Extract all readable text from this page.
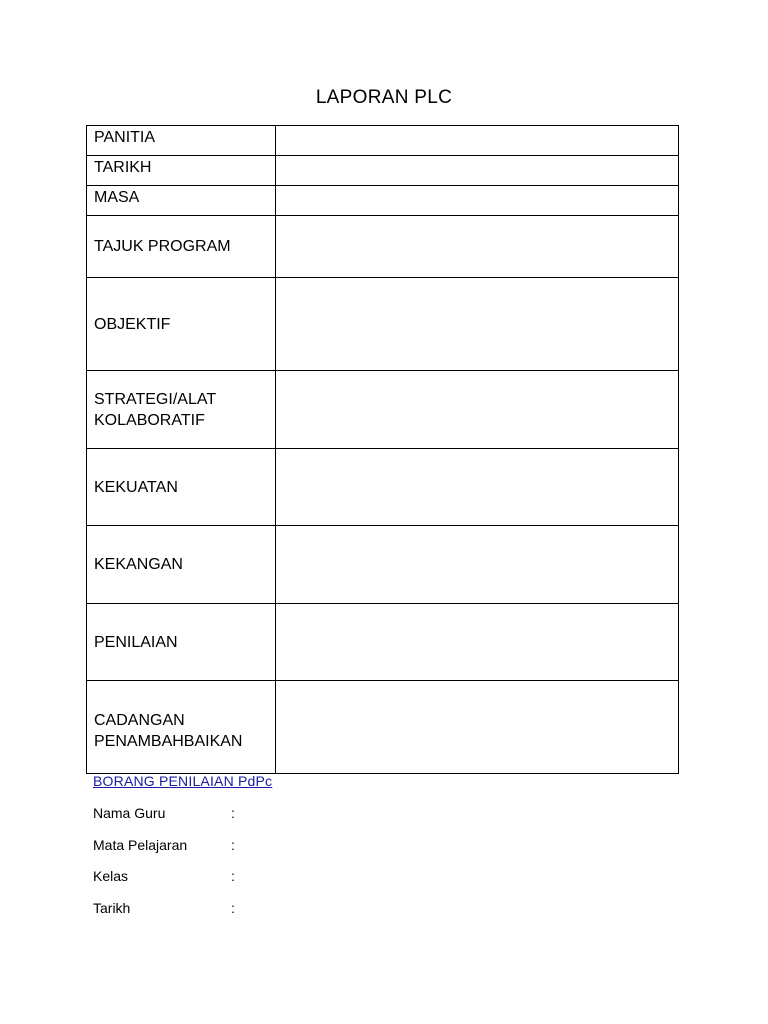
LAPORAN PLC
PANITIA	

TARIKH	

MASA	

TAJUK PROGRAM	

OBJEKTIF	

STRATEGI/ALAT
KOLABORATIF	

KEKUATAN	

KEKANGAN	

PENILAIAN	

CADANGAN
PENAMBAHBAIKAN	

BORANG PENILAIAN PdPc
Nama Guru	:
Mata Pelajaran	:
Kelas	:
Tarikh	:
